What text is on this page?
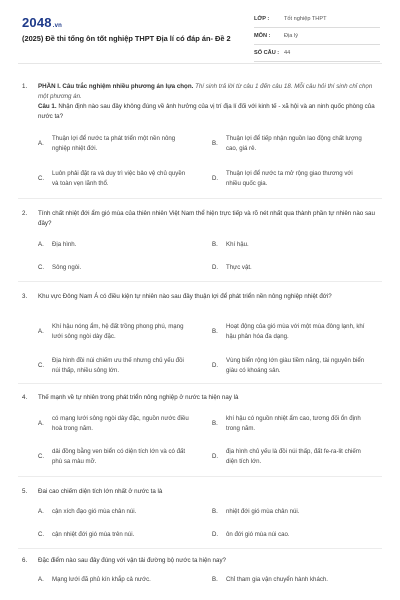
2048.vn
(2025) Đề thi tổng ôn tốt nghiệp THPT Địa lí có đáp án- Đề 2
LỚP :	Tốt nghiệp THPT
MÔN : Địa lý
SỐ CÂU : 44
1. PHẦN I. Câu trắc nghiệm nhiều phương án lựa chọn. Thí sinh trả lời từ câu 1 đến câu 18. Mỗi câu hỏi thí sinh chỉ chọn một phương án.
Câu 1. Nhận định nào sau đây không đúng về ảnh hưởng của vị trí địa lí đối với kinh tế - xã hội và an ninh quốc phòng của nước ta?
A.
Thuận lợi để nước ta phát triển một nền nông nghiệp nhiệt đới.
B.
Thuận lợi để tiếp nhận nguồn lao động chất lượng cao, giá rẻ.
C.
Luôn phải đặt ra và duy trì việc bảo vệ chủ quyền và toàn vẹn lãnh thổ.
D.
Thuận lợi để nước ta mở rộng giao thương với nhiều quốc gia.
2. Tính chất nhiệt đới ẩm gió mùa của thiên nhiên Việt Nam thể hiện trực tiếp và rõ nét nhất qua thành phần tự nhiên nào sau đây?
A. Địa hình.	B. Khí hậu.
C. Sông ngòi.	D. Thực vật.
3. Khu vực Đông Nam Á có điều kiện tự nhiên nào sau đây thuận lợi để phát triển nền nông nghiệp nhiệt đới?
A.
Khí hậu nóng ẩm, hệ đất trồng phong phú, mạng lưới sông ngòi dày đặc.
B.
Hoạt động của gió mùa với một mùa đông lạnh, khí hậu phân hóa đa dạng.
C.
Địa hình đồi núi chiếm ưu thế nhưng chủ yếu đồi núi thấp, nhiều sông lớn.
D.
Vùng biển rộng lớn giàu tiềm năng, tài nguyên biển giàu có khoáng sản.
4. Thế mạnh về tự nhiên trong phát triển nông nghiệp ở nước ta hiện nay là
A.
có mạng lưới sông ngòi dày đặc, nguồn nước điều hoà trong năm.
B.
khí hậu có nguồn nhiệt ẩm cao, tương đối ổn định trong năm.
C.
dải đồng bằng ven biển có diện tích lớn và có đất phù sa màu mỡ.
D.
địa hình chủ yếu là đồi núi thấp, đất fe-ra-lit chiếm diện tích lớn.
5. Đai cao chiếm diện tích lớn nhất ở nước ta là
A. cận xích đạo gió mùa chân núi.	B. nhiệt đới gió mùa chân núi.
C. cận nhiệt đới gió mùa trên núi.	D. ôn đới gió mùa núi cao.
6. Đặc điểm nào sau đây đúng với vận tải đường bộ nước ta hiện nay?
A. Mạng lưới đã phủ kín khắp cả nước.	B. Chỉ tham gia vận chuyển hành khách.
